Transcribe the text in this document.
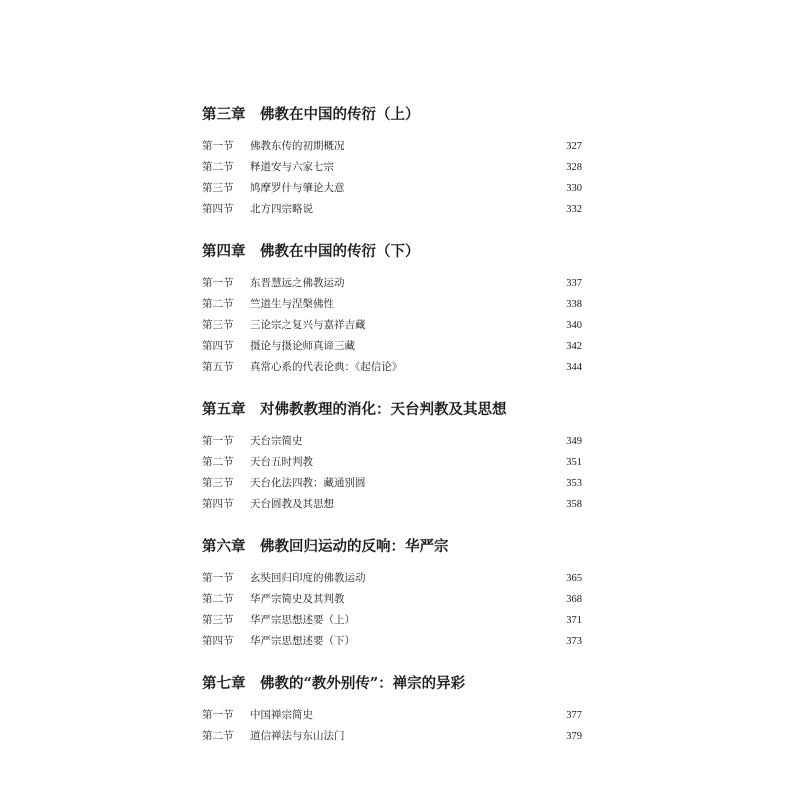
第三章 佛教在中国的传衍（上）
第一节	佛教东传的初期概况	327
第二节	释道安与六家七宗	328
第三节	鸠摩罗什与肇论大意	330
第四节	北方四宗略说	332
第四章 佛教在中国的传衍（下）
第一节	东晋慧远之佛教运动	337
第二节	竺道生与涅槃佛性	338
第三节	三论宗之复兴与嘉祥吉藏	340
第四节	摄论与摄论师真谛三藏	342
第五节	真常心系的代表论典：《起信论》	344
第五章 对佛教教理的消化：天台判教及其思想
第一节	天台宗简史	349
第二节	天台五时判教	351
第三节	天台化法四教：藏通别圆	353
第四节	天台圆教及其思想	358
第六章 佛教回归运动的反响：华严宗
第一节	玄奘回归印度的佛教运动	365
第二节	华严宗简史及其判教	368
第三节	华严宗思想述要（上）	371
第四节	华严宗思想述要（下）	373
第七章 佛教的“教外别传”：禅宗的异彩
第一节	中国禅宗简史	377
第二节	道信禅法与东山法门	379
